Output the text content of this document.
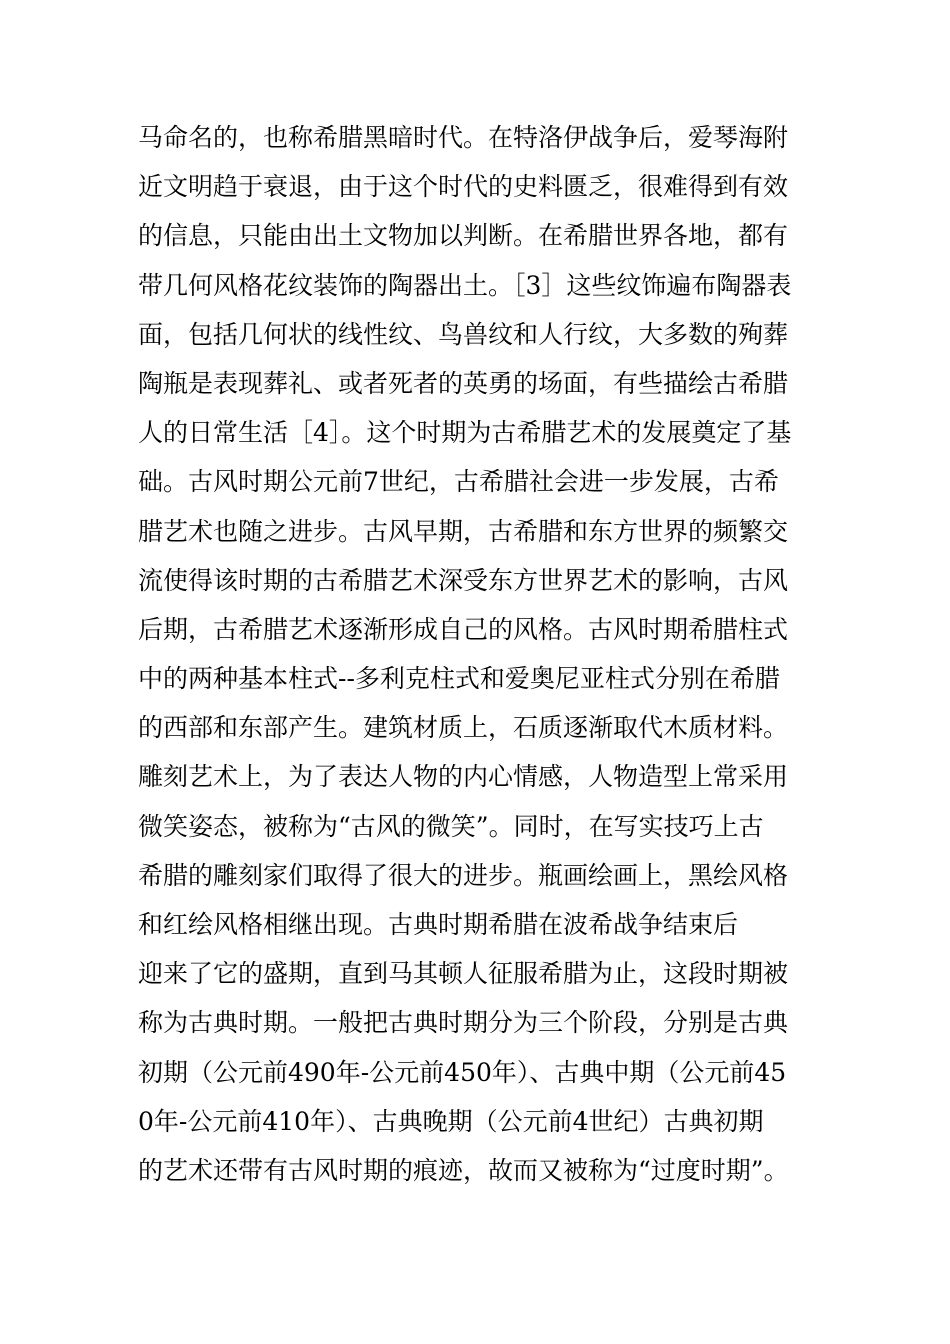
马命名的，也称希腊黑暗时代。在特洛伊战争后，爱琴海附
近文明趋于衰退，由于这个时代的史料匮乏，很难得到有效
的信息，只能由出土文物加以判断。在希腊世界各地，都有
带几何风格花纹装饰的陶器出土。［3］这些纹饰遍布陶器表
面，包括几何状的线性纹、鸟兽纹和人行纹，大多数的殉葬
陶瓶是表现葬礼、或者死者的英勇的场面，有些描绘古希腊
人的日常生活［4］。这个时期为古希腊艺术的发展奠定了基
础。古风时期公元前7世纪，古希腊社会进一步发展，古希
腊艺术也随之进步。古风早期，古希腊和东方世界的频繁交
流使得该时期的古希腊艺术深受东方世界艺术的影响，古风
后期，古希腊艺术逐渐形成自己的风格。古风时期希腊柱式
中的两种基本柱式--多利克柱式和爱奥尼亚柱式分别在希腊
的西部和东部产生。建筑材质上，石质逐渐取代木质材料。
雕刻艺术上，为了表达人物的内心情感，人物造型上常采用
微笑姿态，被称为“古风的微笑”。同时，在写实技巧上古
希腊的雕刻家们取得了很大的进步。瓶画绘画上，黑绘风格
和红绘风格相继出现。古典时期希腊在波希战争结束后
迎来了它的盛期，直到马其顿人征服希腊为止，这段时期被
称为古典时期。一般把古典时期分为三个阶段，分别是古典
初期（公元前490年-公元前450年）、古典中期（公元前45
0年-公元前410年）、古典晚期（公元前4世纪）古典初期
的艺术还带有古风时期的痕迹，故而又被称为“过度时期”。
